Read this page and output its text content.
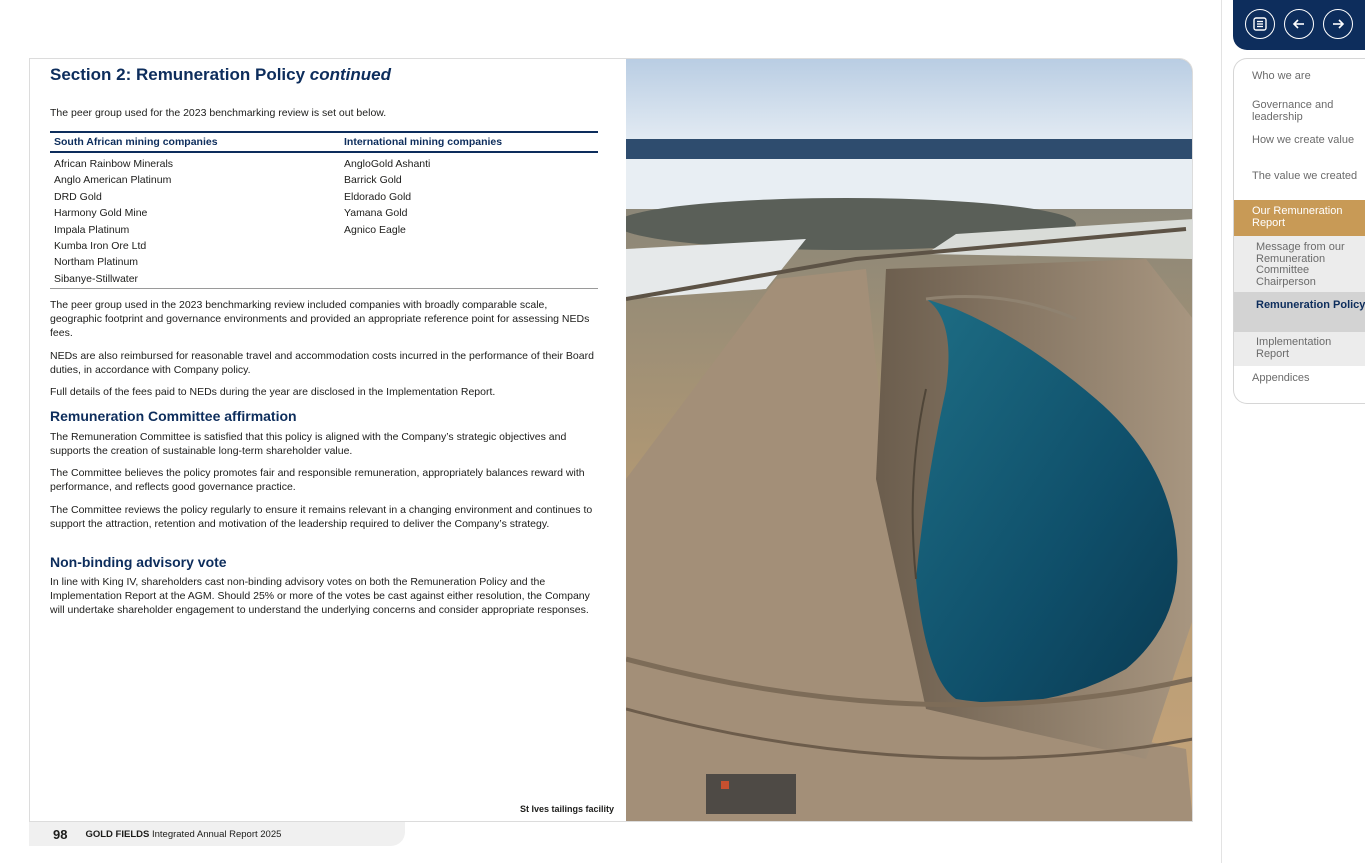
Section 2: Remuneration Policy continued

The peer group used for the 2023 benchmarking review is set out below.

South African mining companies	International mining companies
African Rainbow Minerals
Anglo American Platinum
DRD Gold
Harmony Gold Mine
Impala Platinum
Kumba Iron Ore Ltd
Northam Platinum
Sibanye-Stillwater
AngloGold Ashanti
Barrick Gold
Eldorado Gold
Yamana Gold
Agnico Eagle

The peer group used in the 2023 benchmarking review included companies with broadly comparable scale, geographic footprint and governance environments and provided an appropriate reference point for assessing NEDs fees.

NEDs are also reimbursed for reasonable travel and accommodation costs incurred in the performance of their Board duties, in accordance with Company policy.

Full details of the fees paid to NEDs during the year are disclosed in the Implementation Report.

Remuneration Committee affirmation

The Remuneration Committee is satisfied that this policy is aligned with the Company’s strategic objectives and supports the creation of sustainable long-term shareholder value.

The Committee believes the policy promotes fair and responsible remuneration, appropriately balances reward with performance, and reflects good governance practice.

The Committee reviews the policy regularly to ensure it remains relevant in a changing environment and continues to support the attraction, retention and motivation of the leadership required to deliver the Company’s strategy.

Non-binding advisory vote

In line with King IV, shareholders cast non-binding advisory votes on both the Remuneration Policy and the Implementation Report at the AGM. Should 25% or more of the votes be cast against either resolution, the Company will undertake shareholder engagement to understand the underlying concerns and consider appropriate responses.

St Ives tailings facility
98 GOLD FIELDS Integrated Annual Report 2025
Who we are
Governance and leadership
How we create value
The value we created
Our Remuneration Report
Message from our Remuneration Committee Chairperson
Remuneration Policy
Implementation Report
Appendices
